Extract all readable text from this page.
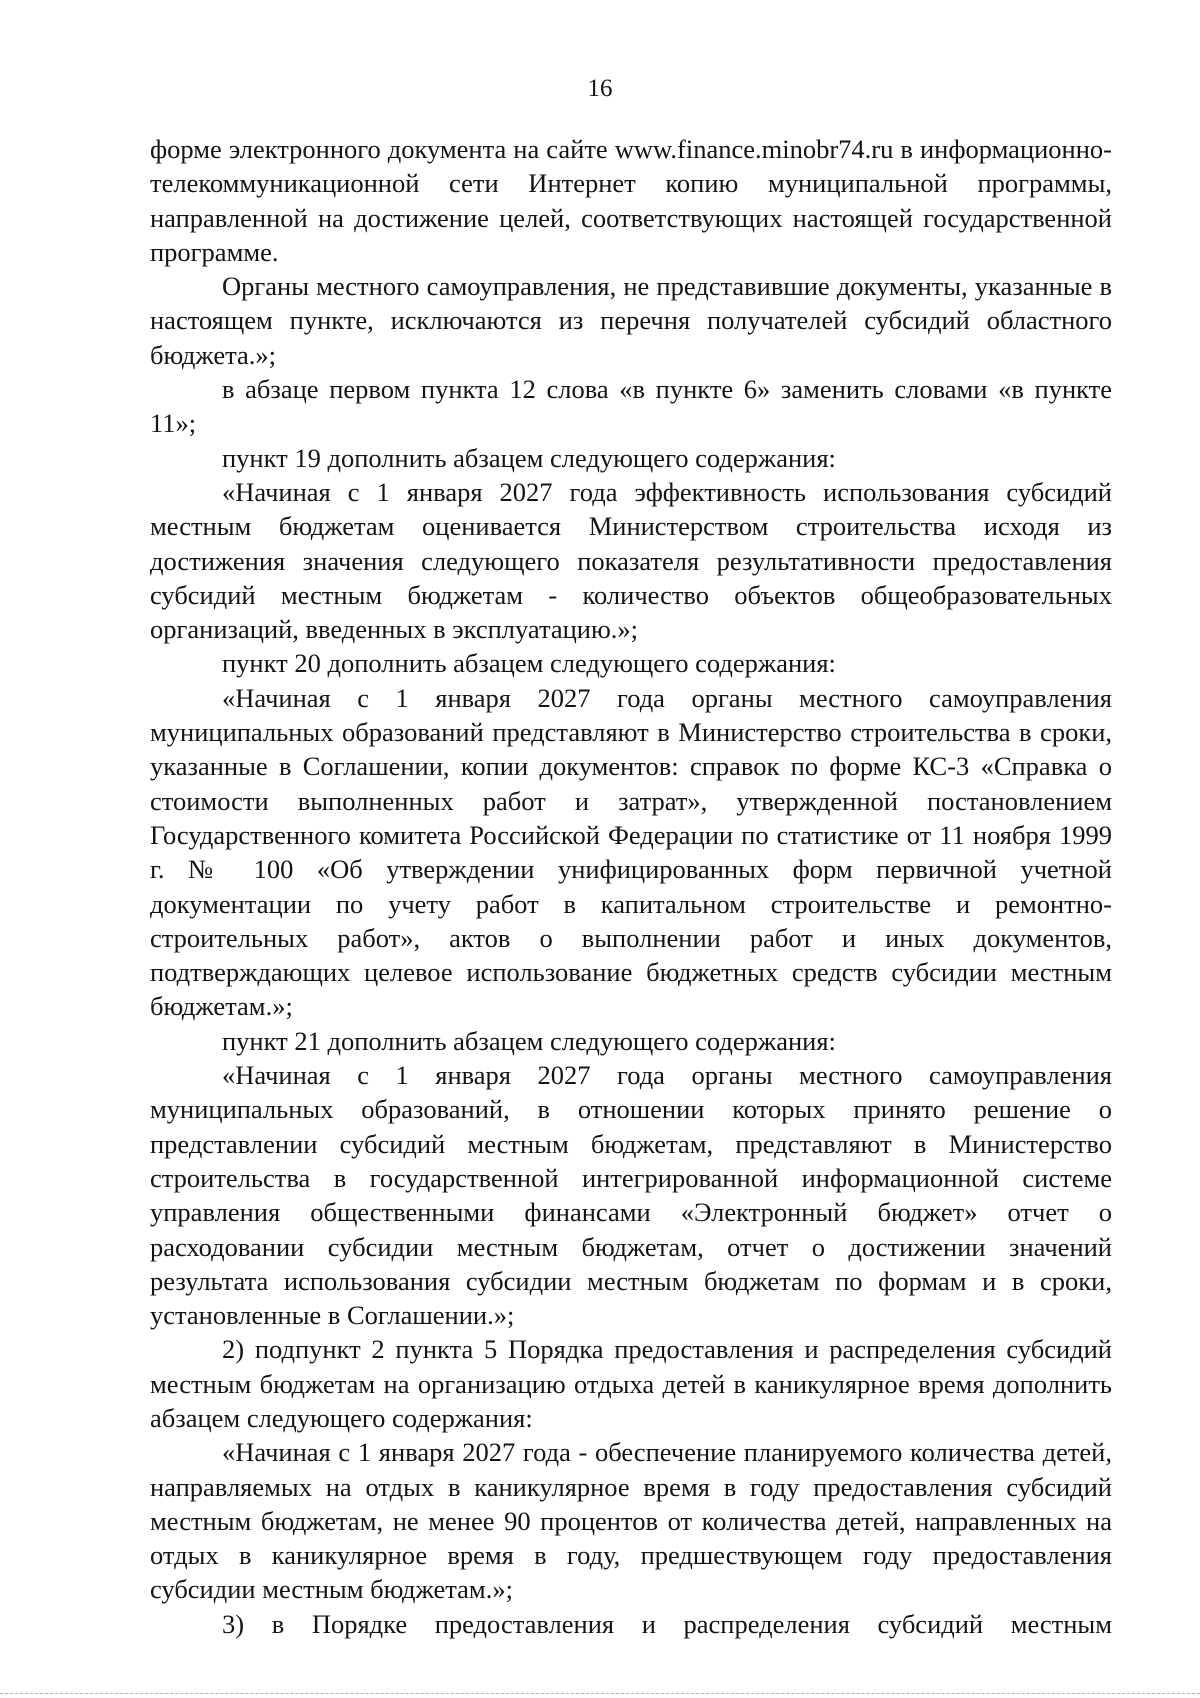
16

форме электронного документа на сайте www.finance.minobr74.ru в информационно-телекоммуникационной сети Интернет копию муниципальной программы, направленной на достижение целей, соответствующих настоящей государственной программе.

Органы местного самоуправления, не представившие документы, указанные в настоящем пункте, исключаются из перечня получателей субсидий областного бюджета.»;

в абзаце первом пункта 12 слова «в пункте 6» заменить словами «в пункте 11»;

пункт 19 дополнить абзацем следующего содержания:

«Начиная с 1 января 2027 года эффективность использования субсидий местным бюджетам оценивается Министерством строительства исходя из достижения значения следующего показателя результативности предоставления субсидий местным бюджетам - количество объектов общеобразовательных организаций, введенных в эксплуатацию.»;

пункт 20 дополнить абзацем следующего содержания:

«Начиная с 1 января 2027 года органы местного самоуправления муниципальных образований представляют в Министерство строительства в сроки, указанные в Соглашении, копии документов: справок по форме КС-3 «Справка о стоимости выполненных работ и затрат», утвержденной постановлением Государственного комитета Российской Федерации по статистике от 11 ноября 1999 г. № 100 «Об утверждении унифицированных форм первичной учетной документации по учету работ в капитальном строительстве и ремонтно-строительных работ», актов о выполнении работ и иных документов, подтверждающих целевое использование бюджетных средств субсидии местным бюджетам.»;

пункт 21 дополнить абзацем следующего содержания:

«Начиная с 1 января 2027 года органы местного самоуправления муниципальных образований, в отношении которых принято решение о представлении субсидий местным бюджетам, представляют в Министерство строительства в государственной интегрированной информационной системе управления общественными финансами «Электронный бюджет» отчет о расходовании субсидии местным бюджетам, отчет о достижении значений результата использования субсидии местным бюджетам по формам и в сроки, установленные в Соглашении.»;

2) подпункт 2 пункта 5 Порядка предоставления и распределения субсидий местным бюджетам на организацию отдыха детей в каникулярное время дополнить абзацем следующего содержания:

«Начиная с 1 января 2027 года - обеспечение планируемого количества детей, направляемых на отдых в каникулярное время в году предоставления субсидий местным бюджетам, не менее 90 процентов от количества детей, направленных на отдых в каникулярное время в году, предшествующем году предоставления субсидии местным бюджетам.»;

3) в Порядке предоставления и распределения субсидий местным
